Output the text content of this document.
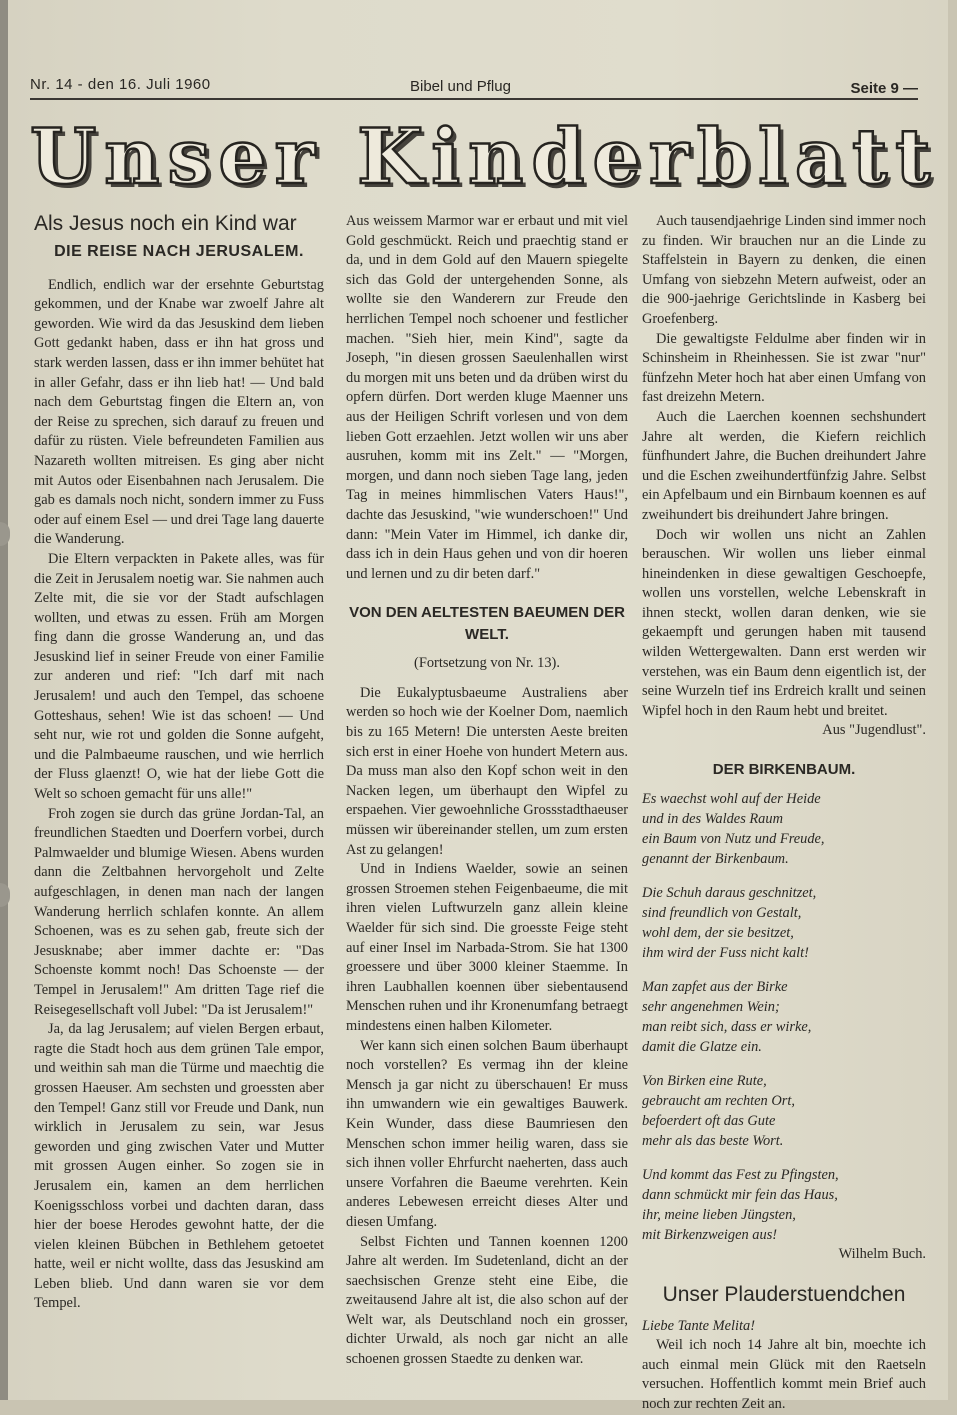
Nr. 14 - den 16. Juli 1960	Bibel und Pflug	Seite 9 —
Unser Kinderblatt
Als Jesus noch ein Kind war
DIE REISE NACH JERUSALEM.

Endlich, endlich war der ersehnte Geburtstag gekommen, und der Knabe war zwoelf Jahre alt geworden. Wie wird da das Jesuskind dem lieben Gott gedankt haben, dass er ihn hat gross und stark werden lassen, dass er ihn immer behütet hat in aller Gefahr, dass er ihn lieb hat! — Und bald nach dem Geburtstag fingen die Eltern an, von der Reise zu sprechen, sich darauf zu freuen und dafür zu rüsten. Viele befreundeten Familien aus Nazareth wollten mitreisen. Es ging aber nicht mit Autos oder Eisenbahnen nach Jerusalem. Die gab es damals noch nicht, sondern immer zu Fuss oder auf einem Esel — und drei Tage lang dauerte die Wanderung.

Die Eltern verpackten in Pakete alles, was für die Zeit in Jerusalem noetig war. Sie nahmen auch Zelte mit, die sie vor der Stadt aufschlagen wollten, und etwas zu essen. Früh am Morgen fing dann die grosse Wanderung an, und das Jesuskind lief in seiner Freude von einer Familie zur anderen und rief: "Ich darf mit nach Jerusalem! und auch den Tempel, das schoene Gotteshaus, sehen! Wie ist das schoen! — Und seht nur, wie rot und golden die Sonne aufgeht, und die Palmbaeume rauschen, und wie herrlich der Fluss glaenzt! O, wie hat der liebe Gott die Welt so schoen gemacht für uns alle!"

Froh zogen sie durch das grüne Jordan-Tal, an freundlichen Staedten und Doerfern vorbei, durch Palmwaelder und blumige Wiesen. Abens wurden dann die Zeltbahnen hervorgeholt und Zelte aufgeschlagen, in denen man nach der langen Wanderung herrlich schlafen konnte. An allem Schoenen, was es zu sehen gab, freute sich der Jesusknabe; aber immer dachte er: "Das Schoenste kommt noch! Das Schoenste — der Tempel in Jerusalem!" Am dritten Tage rief die Reisegesellschaft voll Jubel: "Da ist Jerusalem!"

Ja, da lag Jerusalem; auf vielen Bergen erbaut, ragte die Stadt hoch aus dem grünen Tale empor, und weithin sah man die Türme und maechtig die grossen Haeuser. Am sechsten und groessten aber den Tempel! Ganz still vor Freude und Dank, nun wirklich in Jerusalem zu sein, war Jesus geworden und ging zwischen Vater und Mutter mit grossen Augen einher. So zogen sie in Jerusalem ein, kamen an dem herrlichen Koenigsschloss vorbei und dachten daran, dass hier der boese Herodes gewohnt hatte, der die vielen kleinen Bübchen in Bethlehem getoetet hatte, weil er nicht wollte, dass das Jesuskind am Leben blieb. Und dann waren sie vor dem Tempel.

Aus weissem Marmor war er erbaut und mit viel Gold geschmückt. Reich und praechtig stand er da, und in dem Gold auf den Mauern spiegelte sich das Gold der untergehenden Sonne, als wollte sie den Wanderern zur Freude den herrlichen Tempel noch schoener und festlicher machen. "Sieh hier, mein Kind", sagte da Joseph, "in diesen grossen Saeulenhallen wirst du morgen mit uns beten und da drüben wirst du opfern dürfen. Dort werden kluge Maenner uns aus der Heiligen Schrift vorlesen und von dem lieben Gott erzaehlen. Jetzt wollen wir uns aber ausruhen, komm mit ins Zelt." — "Morgen, morgen, und dann noch sieben Tage lang, jeden Tag in meines himmlischen Vaters Haus!", dachte das Jesuskind, "wie wunderschoen!" Und dann: "Mein Vater im Himmel, ich danke dir, dass ich in dein Haus gehen und von dir hoeren und lernen und zu dir beten darf."

VON DEN AELTESTEN BAEUMEN DER WELT.
(Fortsetzung von Nr. 13).

Die Eukalyptusbaeume Australiens aber werden so hoch wie der Koelner Dom, naemlich bis zu 165 Metern! Die untersten Aeste breiten sich erst in einer Hoehe von hundert Metern aus. Da muss man also den Kopf schon weit in den Nacken legen, um überhaupt den Wipfel zu erspaehen. Vier gewoehnliche Grossstadthaeuser müssen wir übereinander stellen, um zum ersten Ast zu gelangen!

Und in Indiens Waelder, sowie an seinen grossen Stroemen stehen Feigenbaeume, die mit ihren vielen Luftwurzeln ganz allein kleine Waelder für sich sind. Die groesste Feige steht auf einer Insel im Narbada-Strom. Sie hat 1300 groessere und über 3000 kleiner Staemme. In ihren Laubhallen koennen über siebentausend Menschen ruhen und ihr Kronenumfang betraegt mindestens einen halben Kilometer.

Wer kann sich einen solchen Baum überhaupt noch vorstellen? Es vermag ihn der kleine Mensch ja gar nicht zu überschauen! Er muss ihn umwandern wie ein gewaltiges Bauwerk. Kein Wunder, dass diese Baumriesen den Menschen schon immer heilig waren, dass sie sich ihnen voller Ehrfurcht naeherten, dass auch unsere Vorfahren die Baeume verehrten. Kein anderes Lebewesen erreicht dieses Alter und diesen Umfang.

Selbst Fichten und Tannen koennen 1200 Jahre alt werden. Im Sudetenland, dicht an der saechsischen Grenze steht eine Eibe, die zweitausend Jahre alt ist, die also schon auf der Welt war, als Deutschland noch ein grosser, dichter Urwald, als noch gar nicht an alle schoenen grossen Staedte zu denken war.

Auch tausendjaehrige Linden sind immer noch zu finden. Wir brauchen nur an die Linde zu Staffelstein in Bayern zu denken, die einen Umfang von siebzehn Metern aufweist, oder an die 900-jaehrige Gerichtslinde in Kasberg bei Groefenberg.

Die gewaltigste Feldulme aber finden wir in Schinsheim in Rheinhessen. Sie ist zwar "nur" fünfzehn Meter hoch hat aber einen Umfang von fast dreizehn Metern.

Auch die Laerchen koennen sechshundert Jahre alt werden, die Kiefern reichlich fünfhundert Jahre, die Buchen dreihundert Jahre und die Eschen zweihundertfünfzig Jahre. Selbst ein Apfelbaum und ein Birnbaum koennen es auf zweihundert bis dreihundert Jahre bringen.

Doch wir wollen uns nicht an Zahlen berauschen. Wir wollen uns lieber einmal hineindenken in diese gewaltigen Geschoepfe, wollen uns vorstellen, welche Lebenskraft in ihnen steckt, wollen daran denken, wie sie gekaempft und gerungen haben mit tausend wilden Wettergewalten. Dann erst werden wir verstehen, was ein Baum denn eigentlich ist, der seine Wurzeln tief ins Erdreich krallt und seinen Wipfel hoch in den Raum hebt und breitet.

Aus "Jugendlust".
DER BIRKENBAUM.
Es waechst wohl auf der Heide
und in des Waldes Raum
ein Baum von Nutz und Freude,
genannt der Birkenbaum.
Die Schuh daraus geschnitzet,
sind freundlich von Gestalt,
wohl dem, der sie besitzet,
ihm wird der Fuss nicht kalt!
Man zapfet aus der Birke
sehr angenehmen Wein;
man reibt sich, dass er wirke,
damit die Glatze ein.
Von Birken eine Rute,
gebraucht am rechten Ort,
befoerdert oft das Gute
mehr als das beste Wort.
Und kommt das Fest zu Pfingsten,
dann schmückt mir fein das Haus,
ihr, meine lieben Jüngsten,
mit Birkenzweigen aus!
Wilhelm Buch.
Unser Plauderstuendchen

Liebe Tante Melita!

Weil ich noch 14 Jahre alt bin, moechte ich auch einmal mein Glück mit den Raetseln versuchen. Hoffentlich kommt mein Brief auch noch zur rechten Zeit an.
